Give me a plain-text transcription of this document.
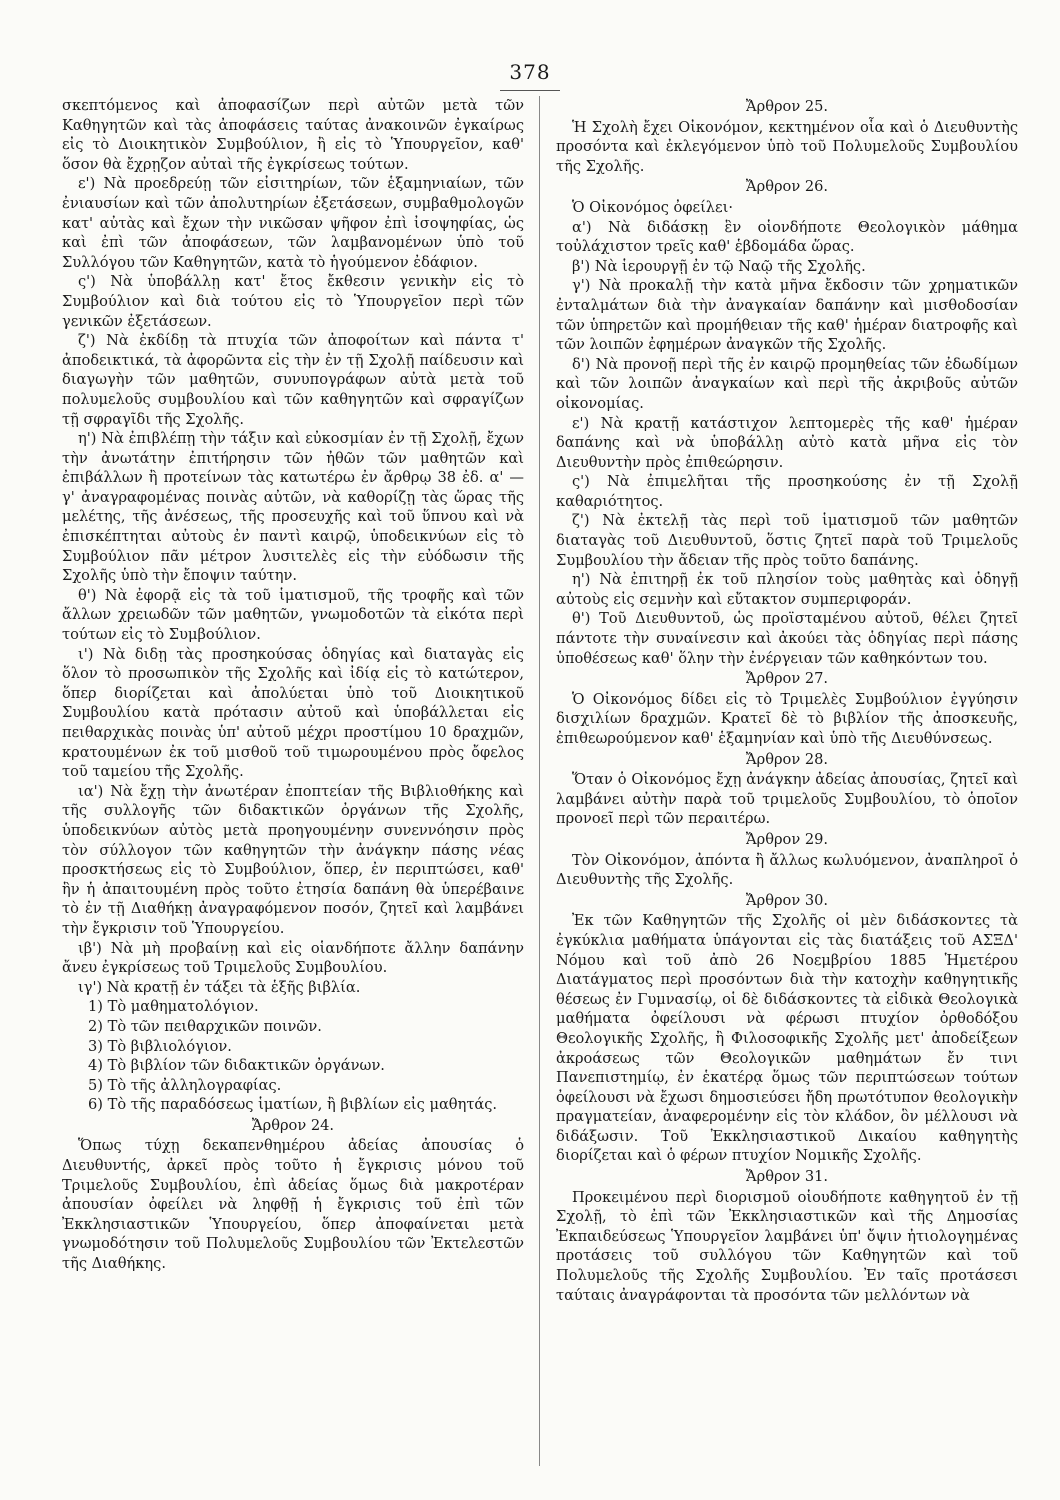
378

σκεπτόμενος καὶ ἀποφασίζων περὶ αὐτῶν μετὰ τῶν Καθηγητῶν καὶ τὰς ἀποφάσεις ταύτας ἀνακοινῶν ἐγκαίρως εἰς τὸ Διοικητικὸν Συμβούλιον, ἢ εἰς τὸ Ὑπουργεῖον, καθ' ὅσον θὰ ἔχρῃζον αὐταὶ τῆς ἐγκρίσεως τούτων.

ε') Νὰ προεδρεύῃ τῶν εἰσιτηρίων, τῶν ἑξαμηνιαίων, τῶν ἐνιαυσίων καὶ τῶν ἀπολυτηρίων ἐξετάσεων, συμβαθμολογῶν κατ' αὐτὰς καὶ ἔχων τὴν νικῶσαν ψῆφον ἐπὶ ἰσοψηφίας, ὡς καὶ ἐπὶ τῶν ἀποφάσεων, τῶν λαμβανομένων ὑπὸ τοῦ Συλλόγου τῶν Καθηγητῶν, κατὰ τὸ ἡγούμενον ἐδάφιον.

ς') Νὰ ὑποβάλλῃ κατ' ἔτος ἔκθεσιν γενικὴν εἰς τὸ Συμβούλιον καὶ διὰ τούτου εἰς τὸ Ὑπουργεῖον περὶ τῶν γενικῶν ἐξετάσεων.

ζ') Νὰ ἐκδίδῃ τὰ πτυχία τῶν ἀποφοίτων καὶ πάντα τ' ἀποδεικτικά, τὰ ἀφορῶντα εἰς τὴν ἐν τῇ Σχολῇ παίδευσιν καὶ διαγωγὴν τῶν μαθητῶν, συνυπογράφων αὐτὰ μετὰ τοῦ πολυμελοῦς συμβουλίου καὶ τῶν καθηγητῶν καὶ σφραγίζων τῇ σφραγῖδι τῆς Σχολῆς.

η') Νὰ ἐπιβλέπῃ τὴν τάξιν καὶ εὐκοσμίαν ἐν τῇ Σχολῇ, ἔχων τὴν ἀνωτάτην ἐπιτήρησιν τῶν ἠθῶν τῶν μαθητῶν καὶ ἐπιβάλλων ἢ προτείνων τὰς κατωτέρω ἐν ἄρθρῳ 38 ἐδ. α' — γ' ἀναγραφομένας ποινὰς αὐτῶν, νὰ καθορίζῃ τὰς ὥρας τῆς μελέτης, τῆς ἀνέσεως, τῆς προσευχῆς καὶ τοῦ ὕπνου καὶ νὰ ἐπισκέπτηται αὐτοὺς ἐν παντὶ καιρῷ, ὑποδεικνύων εἰς τὸ Συμβούλιον πᾶν μέτρον λυσιτελὲς εἰς τὴν εὐόδωσιν τῆς Σχολῆς ὑπὸ τὴν ἔποψιν ταύτην.

θ') Νὰ ἐφορᾷ εἰς τὰ τοῦ ἱματισμοῦ, τῆς τροφῆς καὶ τῶν ἄλλων χρειωδῶν τῶν μαθητῶν, γνωμοδοτῶν τὰ εἰκότα περὶ τούτων εἰς τὸ Συμβούλιον.

ι') Νὰ διδῃ τὰς προσηκούσας ὁδηγίας καὶ διαταγὰς εἰς ὅλον τὸ προσωπικὸν τῆς Σχολῆς καὶ ἰδίᾳ εἰς τὸ κατώτερον, ὅπερ διορίζεται καὶ ἀπολύεται ὑπὸ τοῦ Διοικητικοῦ Συμβουλίου κατὰ πρότασιν αὐτοῦ καὶ ὑποβάλλεται εἰς πειθαρχικὰς ποινὰς ὑπ' αὐτοῦ μέχρι προστίμου 10 δραχμῶν, κρατουμένων ἐκ τοῦ μισθοῦ τοῦ τιμωρουμένου πρὸς ὄφελος τοῦ ταμείου τῆς Σχολῆς.

ια') Νὰ ἔχῃ τὴν ἀνωτέραν ἐποπτείαν τῆς Βιβλιοθήκης καὶ τῆς συλλογῆς τῶν διδακτικῶν ὀργάνων τῆς Σχολῆς, ὑποδεικνύων αὐτὸς μετὰ προηγουμένην συνεννόησιν πρὸς τὸν σύλλογον τῶν καθηγητῶν τὴν ἀνάγκην πάσης νέας προσκτήσεως εἰς τὸ Συμβούλιον, ὅπερ, ἐν περιπτώσει, καθ' ἣν ἡ ἀπαιτουμένη πρὸς τοῦτο ἐτησία δαπάνη θὰ ὑπερέβαινε τὸ ἐν τῇ Διαθήκῃ ἀναγραφόμενον ποσόν, ζητεῖ καὶ λαμβάνει τὴν ἔγκρισιν τοῦ Ὑπουργείου.

ιβ') Νὰ μὴ προβαίνῃ καὶ εἰς οἱανδήποτε ἄλλην δαπάνην ἄνευ ἐγκρίσεως τοῦ Τριμελοῦς Συμβουλίου.

ιγ') Νὰ κρατῇ ἐν τάξει τὰ ἑξῆς βιβλία.

1) Τὸ μαθηματολόγιον.

2) Τὸ τῶν πειθαρχικῶν ποινῶν.

3) Τὸ βιβλιολόγιον.

4) Τὸ βιβλίον τῶν διδακτικῶν ὀργάνων.

5) Τὸ τῆς ἀλληλογραφίας.

6) Τὸ τῆς παραδόσεως ἱματίων, ἢ βιβλίων εἰς μαθητάς.

Ἄρθρον 24.

Ὅπως τύχῃ δεκαπενθημέρου ἀδείας ἀπουσίας ὁ Διευθυντής, ἀρκεῖ πρὸς τοῦτο ἡ ἔγκρισις μόνου τοῦ Τριμελοῦς Συμβουλίου, ἐπὶ ἀδείας ὅμως διὰ μακροτέραν ἀπουσίαν ὀφείλει νὰ ληφθῇ ἡ ἔγκρισις τοῦ ἐπὶ τῶν Ἐκκλησιαστικῶν Ὑπουργείου, ὅπερ ἀποφαίνεται μετὰ γνωμοδότησιν τοῦ Πολυμελοῦς Συμβουλίου τῶν Ἐκτελεστῶν τῆς Διαθήκης.

Ἄρθρον 25.

Ἡ Σχολὴ ἔχει Οἰκονόμον, κεκτημένον οἷα καὶ ὁ Διευθυντὴς προσόντα καὶ ἐκλεγόμενον ὑπὸ τοῦ Πολυμελοῦς Συμβουλίου τῆς Σχολῆς.

Ἄρθρον 26.

Ὁ Οἰκονόμος ὀφείλει·

α') Νὰ διδάσκῃ ἓν οἱονδήποτε Θεολογικὸν μάθημα τοὐλάχιστον τρεῖς καθ' ἑβδομάδα ὥρας.

β') Νὰ ἱερουργῇ ἐν τῷ Ναῷ τῆς Σχολῆς.

γ') Νὰ προκαλῇ τὴν κατὰ μῆνα ἔκδοσιν τῶν χρηματικῶν ἐνταλμάτων διὰ τὴν ἀναγκαίαν δαπάνην καὶ μισθοδοσίαν τῶν ὑπηρετῶν καὶ προμήθειαν τῆς καθ' ἡμέραν διατροφῆς καὶ τῶν λοιπῶν ἐφημέρων ἀναγκῶν τῆς Σχολῆς.

δ') Νὰ προνοῇ περὶ τῆς ἐν καιρῷ προμηθείας τῶν ἐδωδίμων καὶ τῶν λοιπῶν ἀναγκαίων καὶ περὶ τῆς ἀκριβοῦς αὐτῶν οἰκονομίας.

ε') Νὰ κρατῇ κατάστιχον λεπτομερὲς τῆς καθ' ἡμέραν δαπάνης καὶ νὰ ὑποβάλλῃ αὐτὸ κατὰ μῆνα εἰς τὸν Διευθυντὴν πρὸς ἐπιθεώρησιν.

ς') Νὰ ἐπιμελῆται τῆς προσηκούσης ἐν τῇ Σχολῇ καθαριότητος.

ζ') Νὰ ἐκτελῇ τὰς περὶ τοῦ ἱματισμοῦ τῶν μαθητῶν διαταγὰς τοῦ Διευθυντοῦ, ὅστις ζητεῖ παρὰ τοῦ Τριμελοῦς Συμβουλίου τὴν ἄδειαν τῆς πρὸς τοῦτο δαπάνης.

η') Νὰ ἐπιτηρῇ ἐκ τοῦ πλησίον τοὺς μαθητὰς καὶ ὁδηγῇ αὐτοὺς εἰς σεμνὴν καὶ εὔτακτον συμπεριφοράν.

θ') Τοῦ Διευθυντοῦ, ὡς προϊσταμένου αὐτοῦ, θέλει ζητεῖ πάντοτε τὴν συναίνεσιν καὶ ἀκούει τὰς ὁδηγίας περὶ πάσης ὑποθέσεως καθ' ὅλην τὴν ἐνέργειαν τῶν καθηκόντων του.

Ἄρθρον 27.

Ὁ Οἰκονόμος δίδει εἰς τὸ Τριμελὲς Συμβούλιον ἐγγύησιν δισχιλίων δραχμῶν. Κρατεῖ δὲ τὸ βιβλίον τῆς ἀποσκευῆς, ἐπιθεωρούμενον καθ' ἑξαμηνίαν καὶ ὑπὸ τῆς Διευθύνσεως.

Ἄρθρον 28.

Ὅταν ὁ Οἰκονόμος ἔχῃ ἀνάγκην ἀδείας ἀπουσίας, ζητεῖ καὶ λαμβάνει αὐτὴν παρὰ τοῦ τριμελοῦς Συμβουλίου, τὸ ὁποῖον προνοεῖ περὶ τῶν περαιτέρω.

Ἄρθρον 29.

Τὸν Οἰκονόμον, ἀπόντα ἢ ἄλλως κωλυόμενον, ἀναπληροῖ ὁ Διευθυντὴς τῆς Σχολῆς.

Ἄρθρον 30.

Ἐκ τῶν Καθηγητῶν τῆς Σχολῆς οἱ μὲν διδάσκοντες τὰ ἐγκύκλια μαθήματα ὑπάγονται εἰς τὰς διατάξεις τοῦ ΑΣΞΔ' Νόμου καὶ τοῦ ἀπὸ 26 Νοεμβρίου 1885 Ἡμετέρου Διατάγματος περὶ προσόντων διὰ τὴν κατοχὴν καθηγητικῆς θέσεως ἐν Γυμνασίῳ, οἱ δὲ διδάσκοντες τὰ εἰδικὰ Θεολογικὰ μαθήματα ὀφείλουσι νὰ φέρωσι πτυχίον ὀρθοδόξου Θεολογικῆς Σχολῆς, ἢ Φιλοσοφικῆς Σχολῆς μετ' ἀποδείξεων ἀκροάσεως τῶν Θεολογικῶν μαθημάτων ἔν τινι Πανεπιστημίῳ, ἐν ἑκατέρᾳ ὅμως τῶν περιπτώσεων τούτων ὀφείλουσι νὰ ἔχωσι δημοσιεύσει ἤδη πρωτότυπον θεολογικὴν πραγματείαν, ἀναφερομένην εἰς τὸν κλάδον, ὃν μέλλουσι νὰ διδάξωσιν. Τοῦ Ἐκκλησιαστικοῦ Δικαίου καθηγητὴς διορίζεται καὶ ὁ φέρων πτυχίον Νομικῆς Σχολῆς.

Ἄρθρον 31.

Προκειμένου περὶ διορισμοῦ οἱουδήποτε καθηγητοῦ ἐν τῇ Σχολῇ, τὸ ἐπὶ τῶν Ἐκκλησιαστικῶν καὶ τῆς Δημοσίας Ἐκπαιδεύσεως Ὑπουργεῖον λαμβάνει ὑπ' ὄψιν ἠτιολογημένας προτάσεις τοῦ συλλόγου τῶν Καθηγητῶν καὶ τοῦ Πολυμελοῦς τῆς Σχολῆς Συμβουλίου. Ἐν ταῖς προτάσεσι ταύταις ἀναγράφονται τὰ προσόντα τῶν μελλόντων νὰ
